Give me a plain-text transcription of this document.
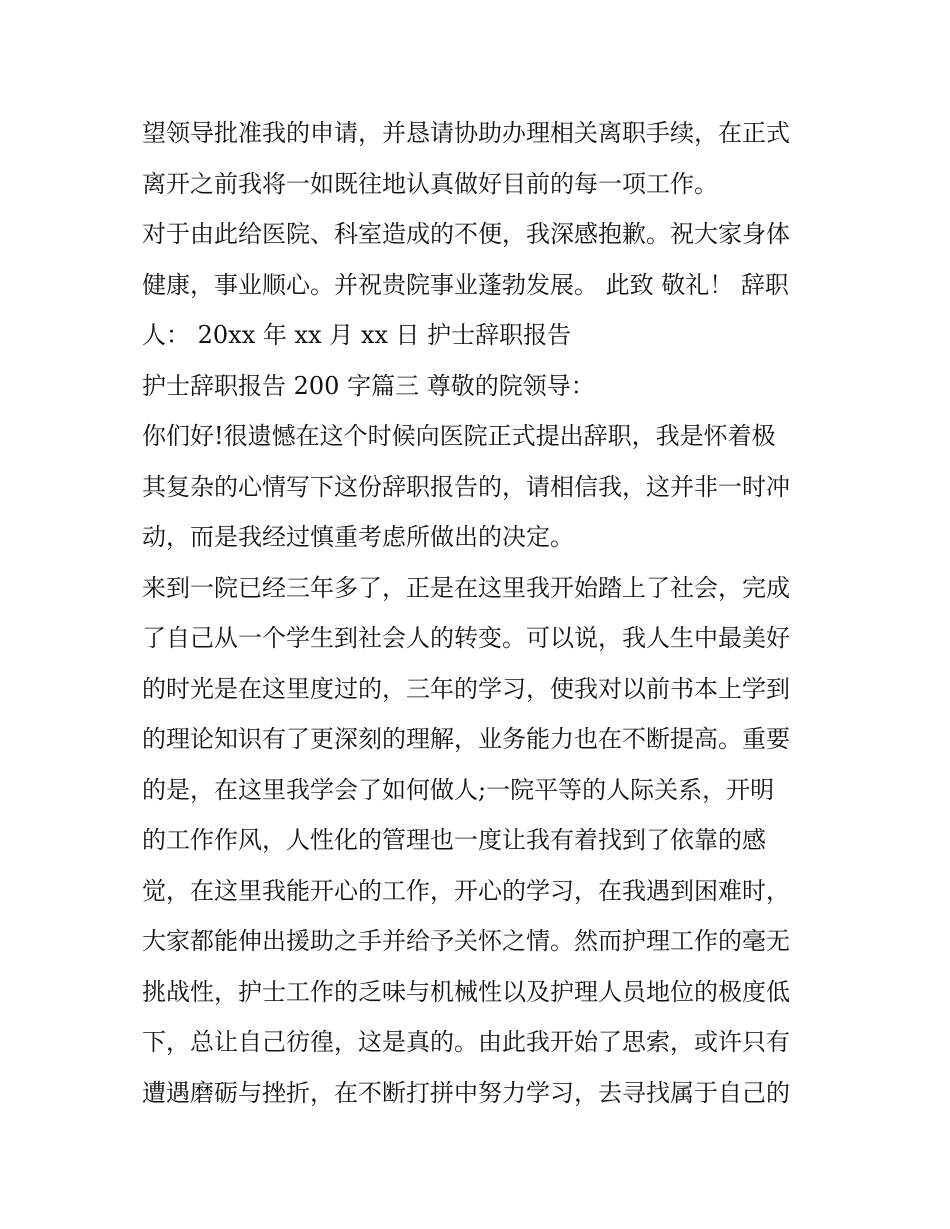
望领导批准我的申请，并恳请协助办理相关离职手续，在正式
离开之前我将一如既往地认真做好目前的每一项工作。
对于由此给医院、科室造成的不便，我深感抱歉。祝大家身体
健康，事业顺心。并祝贵院事业蓬勃发展。 此致 敬礼！ 辞职
人： 20xx 年 xx 月 xx 日 护士辞职报告
护士辞职报告 200 字篇三 尊敬的院领导：
你们好!很遗憾在这个时候向医院正式提出辞职，我是怀着极
其复杂的心情写下这份辞职报告的，请相信我，这并非一时冲
动，而是我经过慎重考虑所做出的决定。
来到一院已经三年多了，正是在这里我开始踏上了社会，完成
了自己从一个学生到社会人的转变。可以说，我人生中最美好
的时光是在这里度过的，三年的学习，使我对以前书本上学到
的理论知识有了更深刻的理解，业务能力也在不断提高。重要
的是，在这里我学会了如何做人;一院平等的人际关系，开明
的工作作风，人性化的管理也一度让我有着找到了依靠的感
觉，在这里我能开心的工作，开心的学习，在我遇到困难时，
大家都能伸出援助之手并给予关怀之情。然而护理工作的毫无
挑战性，护士工作的乏味与机械性以及护理人员地位的极度低
下，总让自己彷徨，这是真的。由此我开始了思索，或许只有
遭遇磨砺与挫折，在不断打拼中努力学习，去寻找属于自己的
